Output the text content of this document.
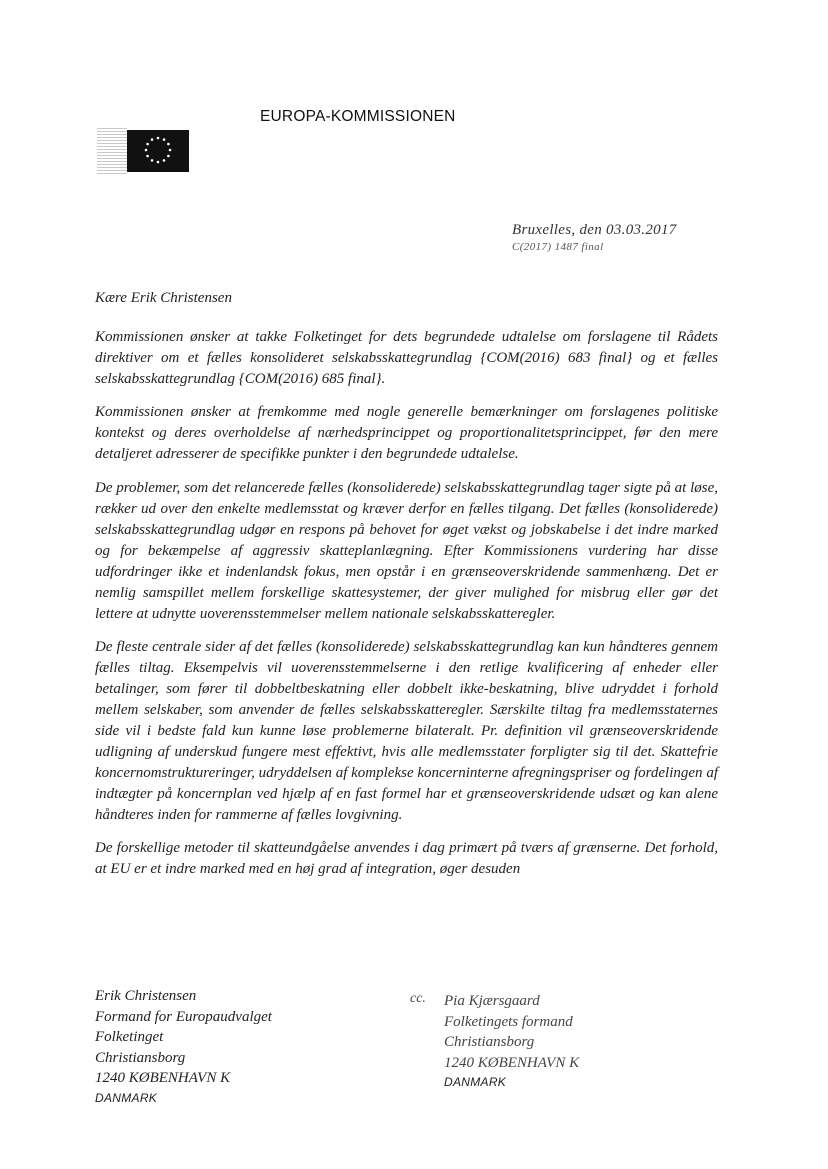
EUROPA-KOMMISSIONEN
Bruxelles, den 03.03.2017
C(2017) 1487 final

Kære Erik Christensen

Kommissionen ønsker at takke Folketinget for dets begrundede udtalelse om forslagene til Rådets direktiver om et fælles konsolideret selskabsskattegrundlag {COM(2016) 683 final} og et fælles selskabsskattegrundlag {COM(2016) 685 final}.

Kommissionen ønsker at fremkomme med nogle generelle bemærkninger om forslagenes politiske kontekst og deres overholdelse af nærhedsprincippet og proportionalitetsprincippet, før den mere detaljeret adresserer de specifikke punkter i den begrundede udtalelse.

De problemer, som det relancerede fælles (konsoliderede) selskabsskattegrundlag tager sigte på at løse, rækker ud over den enkelte medlemsstat og kræver derfor en fælles tilgang. Det fælles (konsoliderede) selskabsskattegrundlag udgør en respons på behovet for øget vækst og jobskabelse i det indre marked og for bekæmpelse af aggressiv skatteplanlægning. Efter Kommissionens vurdering har disse udfordringer ikke et indenlandsk fokus, men opstår i en grænseoverskridende sammenhæng. Det er nemlig samspillet mellem forskellige skattesystemer, der giver mulighed for misbrug eller gør det lettere at udnytte uoverensstemmelser mellem nationale selskabsskatteregler.

De fleste centrale sider af det fælles (konsoliderede) selskabsskattegrundlag kan kun håndteres gennem fælles tiltag. Eksempelvis vil uoverensstemmelserne i den retlige kvalificering af enheder eller betalinger, som fører til dobbeltbeskatning eller dobbelt ikke-beskatning, blive udryddet i forhold mellem selskaber, som anvender de fælles selskabsskatteregler. Særskilte tiltag fra medlemsstaternes side vil i bedste fald kun kunne løse problemerne bilateralt. Pr. definition vil grænseoverskridende udligning af underskud fungere mest effektivt, hvis alle medlemsstater forpligter sig til det. Skattefrie koncernomstruktureringer, udryddelsen af komplekse koncerninterne afregningspriser og fordelingen af indtægter på koncernplan ved hjælp af en fast formel har et grænseoverskridende udsæt og kan alene håndteres inden for rammerne af fælles lovgivning.

De forskellige metoder til skatteundgåelse anvendes i dag primært på tværs af grænserne. Det forhold, at EU er et indre marked med en høj grad af integration, øger desuden

Erik Christensen
Formand for Europaudvalget
Folketinget
Christiansborg
1240 KØBENHAVN K
DANMARK
cc. Pia Kjærsgaard
Folketingets formand
Christiansborg
1240 KØBENHAVN K
DANMARK
